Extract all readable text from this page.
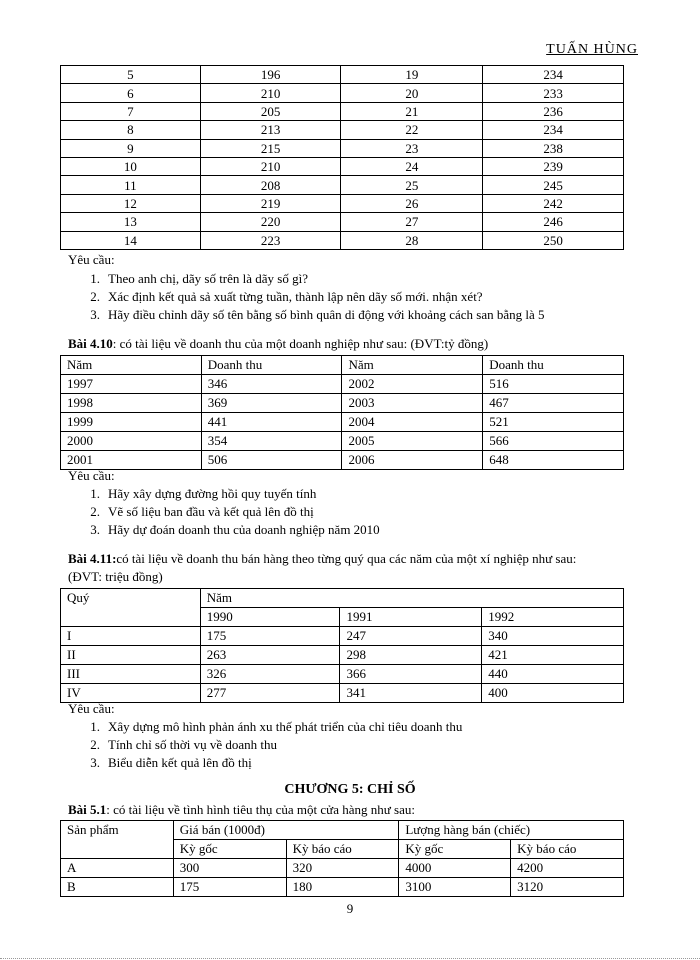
TUẤN HÙNG
5	196	19	234
6	210	20	233
7	205	21	236
8	213	22	234
9	215	23	238
10	210	24	239
11	208	25	245
12	219	26	242
13	220	27	246
14	223	28	250
Yêu cầu:
1. Theo anh chị, dãy số trên là dãy số gì?
2. Xác định kết quả sả xuất từng tuần, thành lập nên dãy số mới. nhận xét?
3. Hãy điều chỉnh dãy số tên bằng số bình quân di động với khoảng cách san bằng là 5
Bài 4.10: có tài liệu về doanh thu của một doanh nghiệp như sau: (ĐVT:tỷ đồng)
Năm	Doanh thu	Năm	Doanh thu
1997	346	2002	516
1998	369	2003	467
1999	441	2004	521
2000	354	2005	566
2001	506	2006	648
Yêu cầu:
1. Hãy xây dựng đường hồi quy tuyến tính
2. Vẽ số liệu ban đầu và kết quả lên đồ thị
3. Hãy dự đoán doanh thu của doanh nghiệp năm 2010
Bài 4.11:có tài liệu về doanh thu bán hàng theo từng quý qua các năm của một xí nghiệp như sau:
(ĐVT: triệu đồng)
Quý	Năm		
	1990	1991	1992
I	175	247	340
II	263	298	421
III	326	366	440
IV	277	341	400
Yêu cầu:
1. Xây dựng mô hình phản ánh xu thế phát triển của chỉ tiêu doanh thu
2. Tính chỉ số thời vụ về doanh thu
3. Biểu diễn kết quả lên đồ thị
CHƯƠNG 5: CHỈ SỐ
Bài 5.1: có tài liệu về tình hình tiêu thụ của một cửa hàng như sau:
Sản phẩm	Giá bán (1000đ)		Lượng hàng bán (chiếc)	
	Kỳ gốc	Kỳ báo cáo	Kỳ gốc	Kỳ báo cáo
A	300	320	4000	4200
B	175	180	3100	3120
9
